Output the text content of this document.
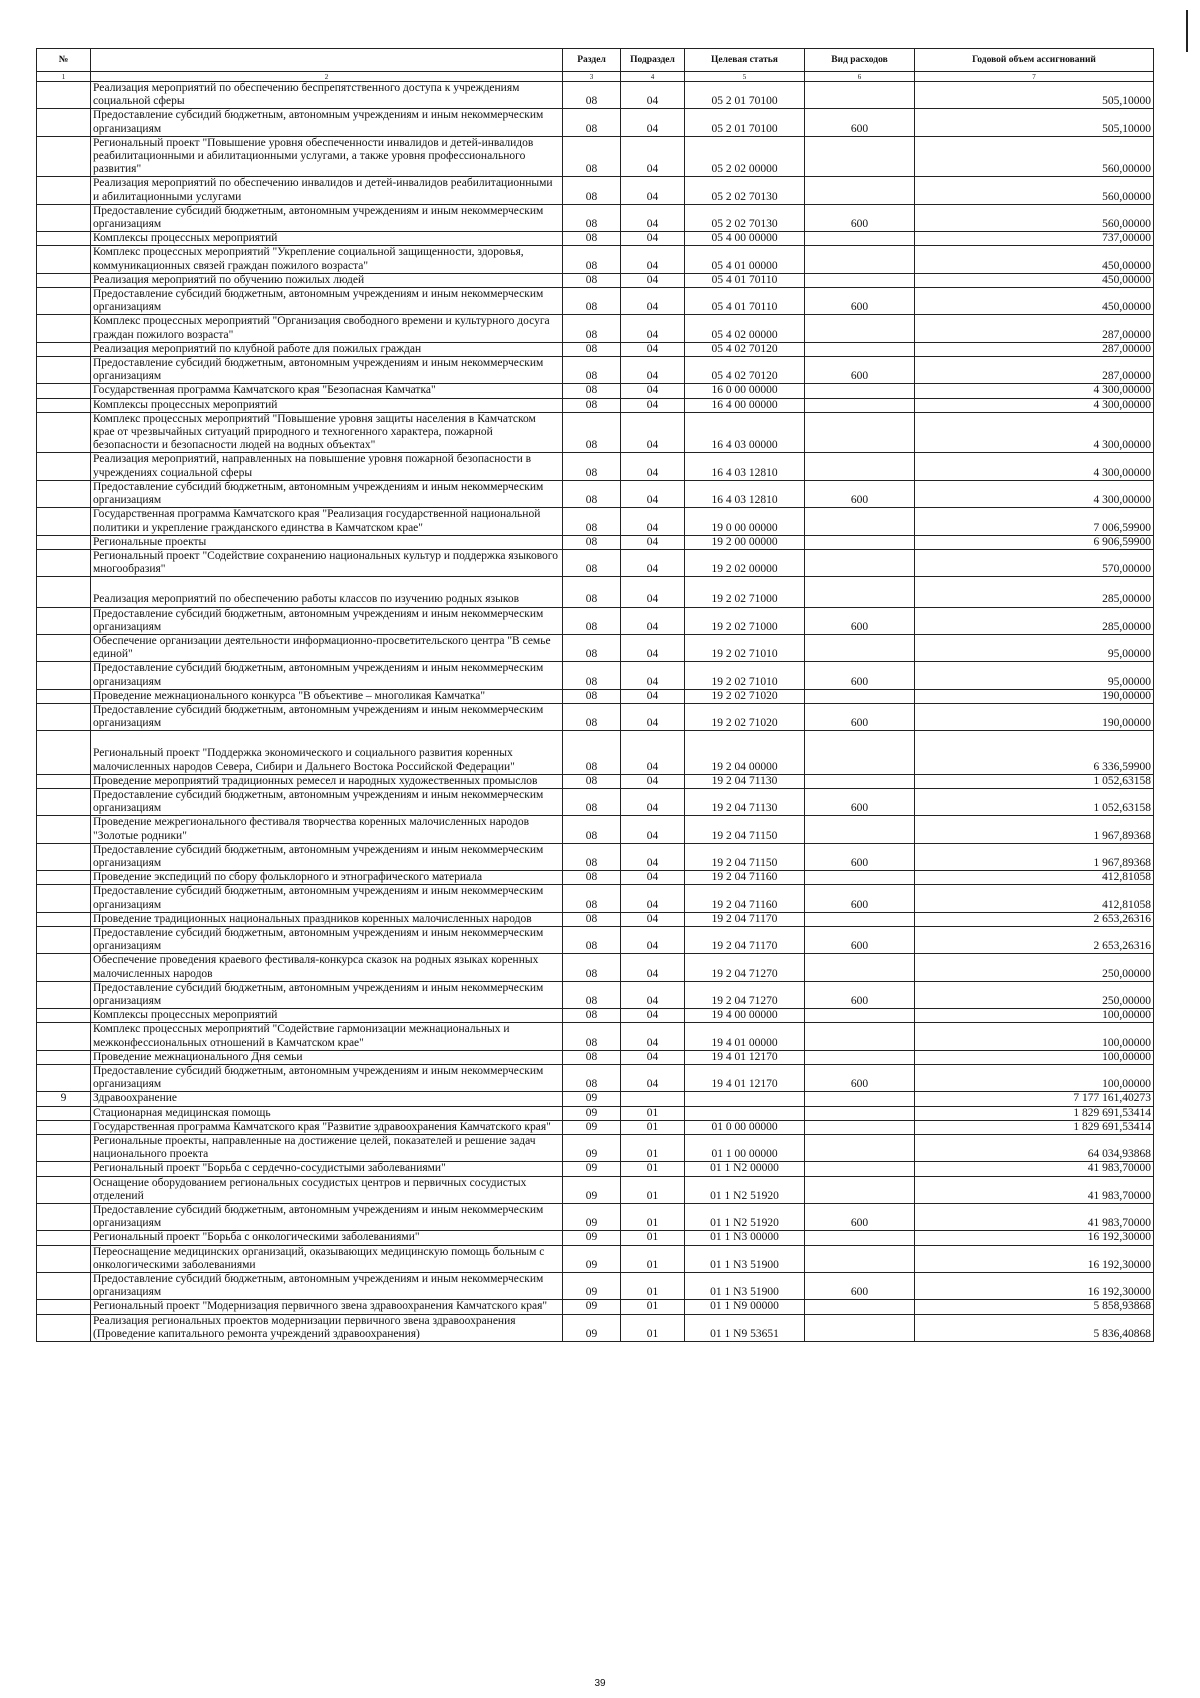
№		Раздел	Подраздел	Целевая статья	Вид расходов	Годовой объем ассигнований
1	2	3	4	5	6	7
	Реализация мероприятий по обеспечению беспрепятственного доступа к учреждениям социальной сферы	08	04	05 2 01 70100		505,10000
	Предоставление субсидий бюджетным, автономным учреждениям и иным некоммерческим организациям	08	04	05 2 01 70100	600	505,10000
	Региональный проект "Повышение уровня обеспеченности инвалидов и детей-инвалидов реабилитационными и абилитационными услугами, а также уровня профессионального развития"	08	04	05 2 02 00000		560,00000
	Реализация мероприятий по обеспечению инвалидов и детей-инвалидов реабилитационными и абилитационными услугами	08	04	05 2 02 70130		560,00000
	Предоставление субсидий бюджетным, автономным учреждениям и иным некоммерческим организациям	08	04	05 2 02 70130	600	560,00000
	Комплексы процессных мероприятий	08	04	05 4 00 00000		737,00000
	Комплекс процессных мероприятий "Укрепление социальной защищенности, здоровья, коммуникационных связей граждан пожилого возраста"	08	04	05 4 01 00000		450,00000
	Реализация мероприятий по обучению пожилых людей	08	04	05 4 01 70110		450,00000
	Предоставление субсидий бюджетным, автономным учреждениям и иным некоммерческим организациям	08	04	05 4 01 70110	600	450,00000
	Комплекс процессных мероприятий "Организация свободного времени и культурного досуга граждан пожилого возраста"	08	04	05 4 02 00000		287,00000
	Реализация мероприятий по клубной работе для пожилых граждан	08	04	05 4 02 70120		287,00000
	Предоставление субсидий бюджетным, автономным учреждениям и иным некоммерческим организациям	08	04	05 4 02 70120	600	287,00000
	Государственная программа Камчатского края "Безопасная Камчатка"	08	04	16 0 00 00000		4 300,00000
	Комплексы процессных мероприятий	08	04	16 4 00 00000		4 300,00000
	Комплекс процессных мероприятий "Повышение уровня защиты населения в Камчатском крае от чрезвычайных ситуаций природного и техногенного характера, пожарной безопасности и безопасности людей на водных объектах"	08	04	16 4 03 00000		4 300,00000
	Реализация мероприятий, направленных на повышение уровня пожарной безопасности в учреждениях социальной сферы	08	04	16 4 03 12810		4 300,00000
	Предоставление субсидий бюджетным, автономным учреждениям и иным некоммерческим организациям	08	04	16 4 03 12810	600	4 300,00000
	Государственная программа Камчатского края "Реализация государственной национальной политики и укрепление гражданского единства в Камчатском крае"	08	04	19 0 00 00000		7 006,59900
	Региональные проекты	08	04	19 2 00 00000		6 906,59900
	Региональный проект "Содействие сохранению национальных культур и поддержка языкового многообразия"	08	04	19 2 02 00000		570,00000
	Реализация мероприятий по обеспечению работы классов по изучению родных языков	08	04	19 2 02 71000		285,00000
	Предоставление субсидий бюджетным, автономным учреждениям и иным некоммерческим организациям	08	04	19 2 02 71000	600	285,00000
	Обеспечение организации деятельности информационно-просветительского центра "В семье единой"	08	04	19 2 02 71010		95,00000
	Предоставление субсидий бюджетным, автономным учреждениям и иным некоммерческим организациям	08	04	19 2 02 71010	600	95,00000
	Проведение межнационального конкурса "В объективе – многоликая Камчатка"	08	04	19 2 02 71020		190,00000
	Предоставление субсидий бюджетным, автономным учреждениям и иным некоммерческим организациям	08	04	19 2 02 71020	600	190,00000
	Региональный проект "Поддержка экономического и социального развития коренных малочисленных народов Севера, Сибири и Дальнего Востока Российской Федерации"	08	04	19 2 04 00000		6 336,59900
	Проведение мероприятий традиционных ремесел и народных художественных промыслов	08	04	19 2 04 71130		1 052,63158
	Предоставление субсидий бюджетным, автономным учреждениям и иным некоммерческим организациям	08	04	19 2 04 71130	600	1 052,63158
	Проведение межрегионального фестиваля творчества коренных малочисленных народов "Золотые родники"	08	04	19 2 04 71150		1 967,89368
	Предоставление субсидий бюджетным, автономным учреждениям и иным некоммерческим организациям	08	04	19 2 04 71150	600	1 967,89368
	Проведение экспедиций по сбору фольклорного и этнографического материала	08	04	19 2 04 71160		412,81058
	Предоставление субсидий бюджетным, автономным учреждениям и иным некоммерческим организациям	08	04	19 2 04 71160	600	412,81058
	Проведение традиционных национальных праздников коренных малочисленных народов	08	04	19 2 04 71170		2 653,26316
	Предоставление субсидий бюджетным, автономным учреждениям и иным некоммерческим организациям	08	04	19 2 04 71170	600	2 653,26316
	Обеспечение проведения краевого фестиваля-конкурса сказок на родных языках коренных малочисленных народов	08	04	19 2 04 71270		250,00000
	Предоставление субсидий бюджетным, автономным учреждениям и иным некоммерческим организациям	08	04	19 2 04 71270	600	250,00000
	Комплексы процессных мероприятий	08	04	19 4 00 00000		100,00000
	Комплекс процессных мероприятий "Содействие гармонизации межнациональных и межконфессиональных отношений в Камчатском крае"	08	04	19 4 01 00000		100,00000
	Проведение межнационального Дня семьи	08	04	19 4 01 12170		100,00000
	Предоставление субсидий бюджетным, автономным учреждениям и иным некоммерческим организациям	08	04	19 4 01 12170	600	100,00000
9	Здравоохранение	09				7 177 161,40273
	Стационарная медицинская помощь	09	01			1 829 691,53414
	Государственная программа Камчатского края "Развитие здравоохранения Камчатского края"	09	01	01 0 00 00000		1 829 691,53414
	Региональные проекты, направленные на достижение целей, показателей и решение задач национального проекта	09	01	01 1 00 00000		64 034,93868
	Региональный проект "Борьба с сердечно-сосудистыми заболеваниями"	09	01	01 1 N2 00000		41 983,70000
	Оснащение оборудованием региональных сосудистых центров и первичных сосудистых отделений	09	01	01 1 N2 51920		41 983,70000
	Предоставление субсидий бюджетным, автономным учреждениям и иным некоммерческим организациям	09	01	01 1 N2 51920	600	41 983,70000
	Региональный проект "Борьба с онкологическими заболеваниями"	09	01	01 1 N3 00000		16 192,30000
	Переоснащение медицинских организаций, оказывающих медицинскую помощь больным с онкологическими заболеваниями	09	01	01 1 N3 51900		16 192,30000
	Предоставление субсидий бюджетным, автономным учреждениям и иным некоммерческим организациям	09	01	01 1 N3 51900	600	16 192,30000
	Региональный проект "Модернизация первичного звена здравоохранения Камчатского края"	09	01	01 1 N9 00000		5 858,93868
	Реализация региональных проектов модернизации первичного звена здравоохранения (Проведение капитального ремонта учреждений здравоохранения)	09	01	01 1 N9 53651		5 836,40868
39
